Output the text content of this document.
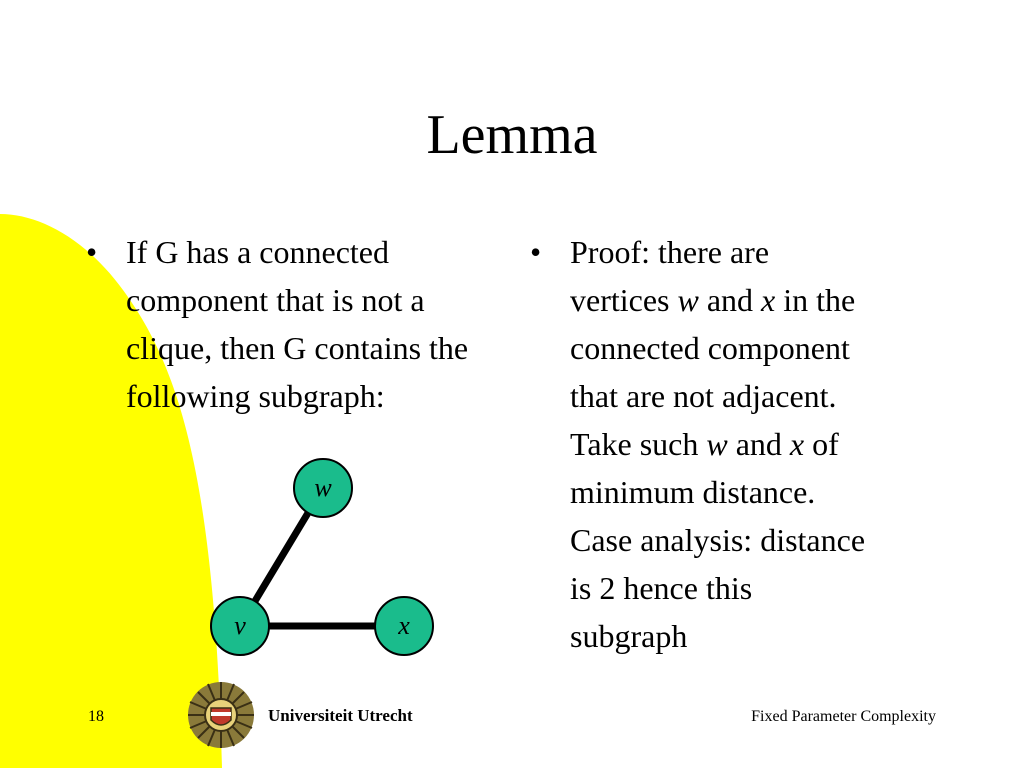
Lemma
• If G has a connected component that is not a clique, then G contains the following subgraph:
• Proof: there are
vertices w and x in the
connected component
that are not adjacent.
Take such w and x of
minimum distance.
Case analysis: distance
is 2 hence this
subgraph
w
v	x
Universiteit Utrecht
18	Fixed Parameter Complexity
